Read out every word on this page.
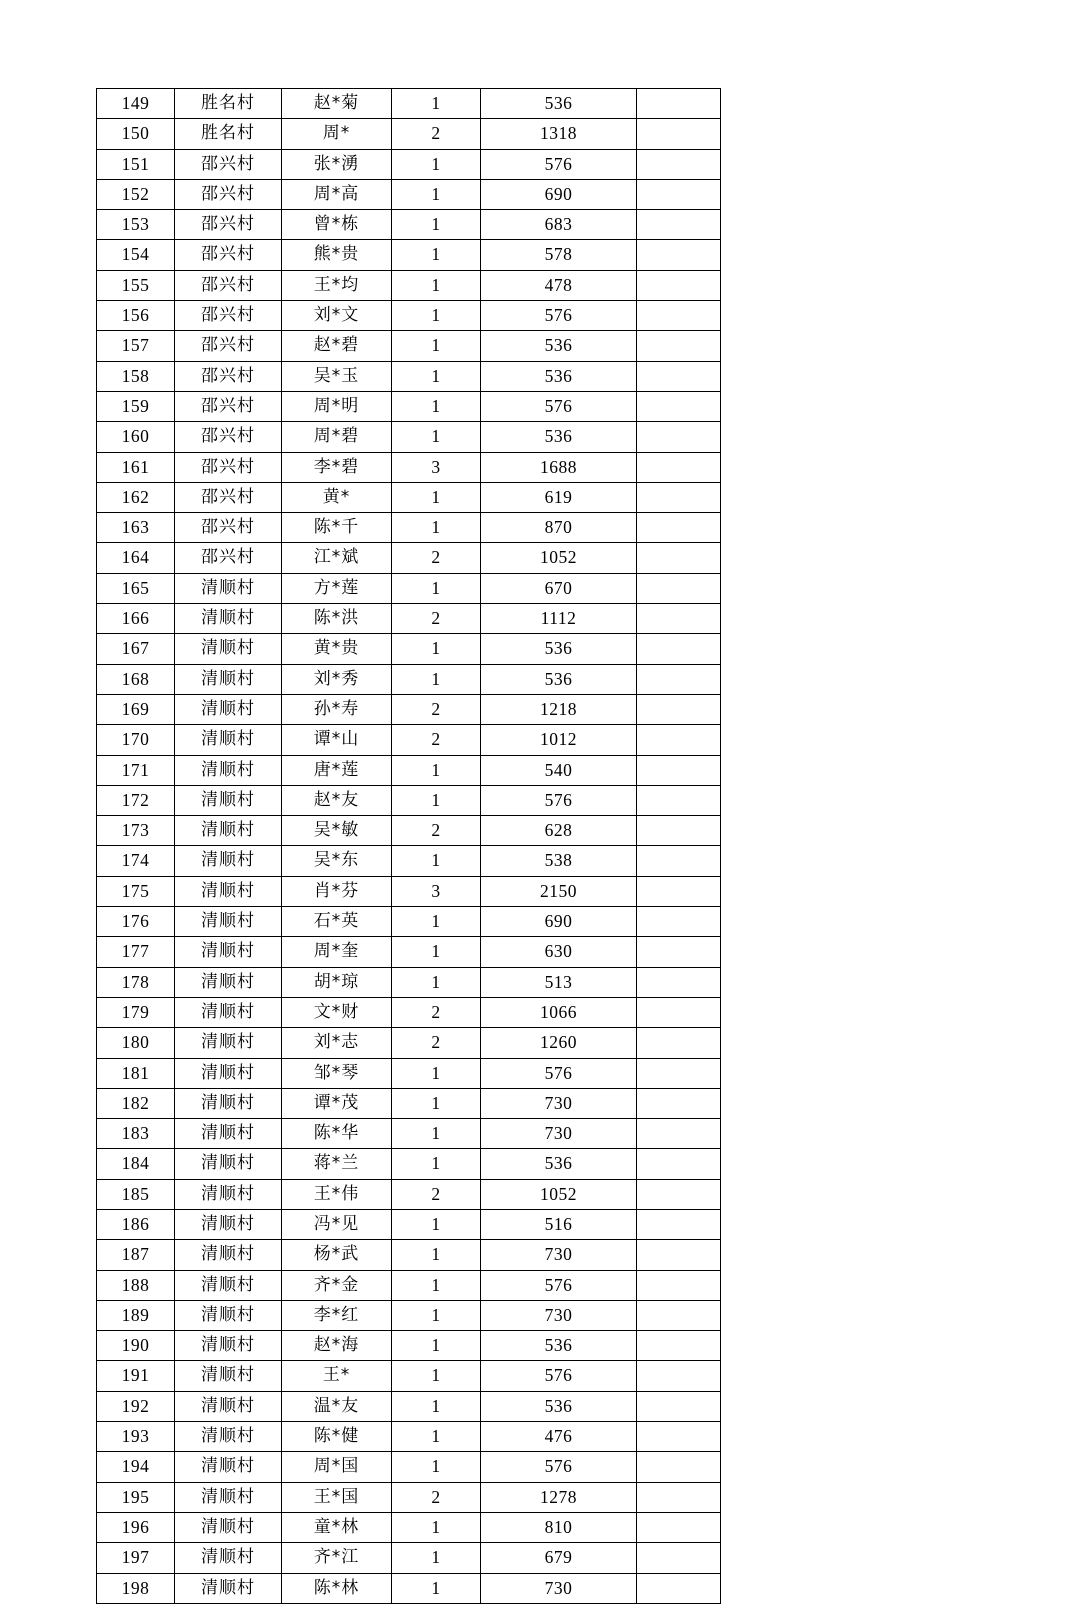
149	胜名村	赵*菊	1	536	
150	胜名村	周*	2	1318	
151	邵兴村	张*湧	1	576	
152	邵兴村	周*高	1	690	
153	邵兴村	曾*栋	1	683	
154	邵兴村	熊*贵	1	578	
155	邵兴村	王*均	1	478	
156	邵兴村	刘*文	1	576	
157	邵兴村	赵*碧	1	536	
158	邵兴村	吴*玉	1	536	
159	邵兴村	周*明	1	576	
160	邵兴村	周*碧	1	536	
161	邵兴村	李*碧	3	1688	
162	邵兴村	黄*	1	619	
163	邵兴村	陈*千	1	870	
164	邵兴村	江*斌	2	1052	
165	清顺村	方*莲	1	670	
166	清顺村	陈*洪	2	1112	
167	清顺村	黄*贵	1	536	
168	清顺村	刘*秀	1	536	
169	清顺村	孙*寿	2	1218	
170	清顺村	谭*山	2	1012	
171	清顺村	唐*莲	1	540	
172	清顺村	赵*友	1	576	
173	清顺村	吴*敏	2	628	
174	清顺村	吴*东	1	538	
175	清顺村	肖*芬	3	2150	
176	清顺村	石*英	1	690	
177	清顺村	周*奎	1	630	
178	清顺村	胡*琼	1	513	
179	清顺村	文*财	2	1066	
180	清顺村	刘*志	2	1260	
181	清顺村	邹*琴	1	576	
182	清顺村	谭*茂	1	730	
183	清顺村	陈*华	1	730	
184	清顺村	蒋*兰	1	536	
185	清顺村	王*伟	2	1052	
186	清顺村	冯*见	1	516	
187	清顺村	杨*武	1	730	
188	清顺村	齐*金	1	576	
189	清顺村	李*红	1	730	
190	清顺村	赵*海	1	536	
191	清顺村	王*	1	576	
192	清顺村	温*友	1	536	
193	清顺村	陈*健	1	476	
194	清顺村	周*国	1	576	
195	清顺村	王*国	2	1278	
196	清顺村	童*林	1	810	
197	清顺村	齐*江	1	679	
198	清顺村	陈*林	1	730	
